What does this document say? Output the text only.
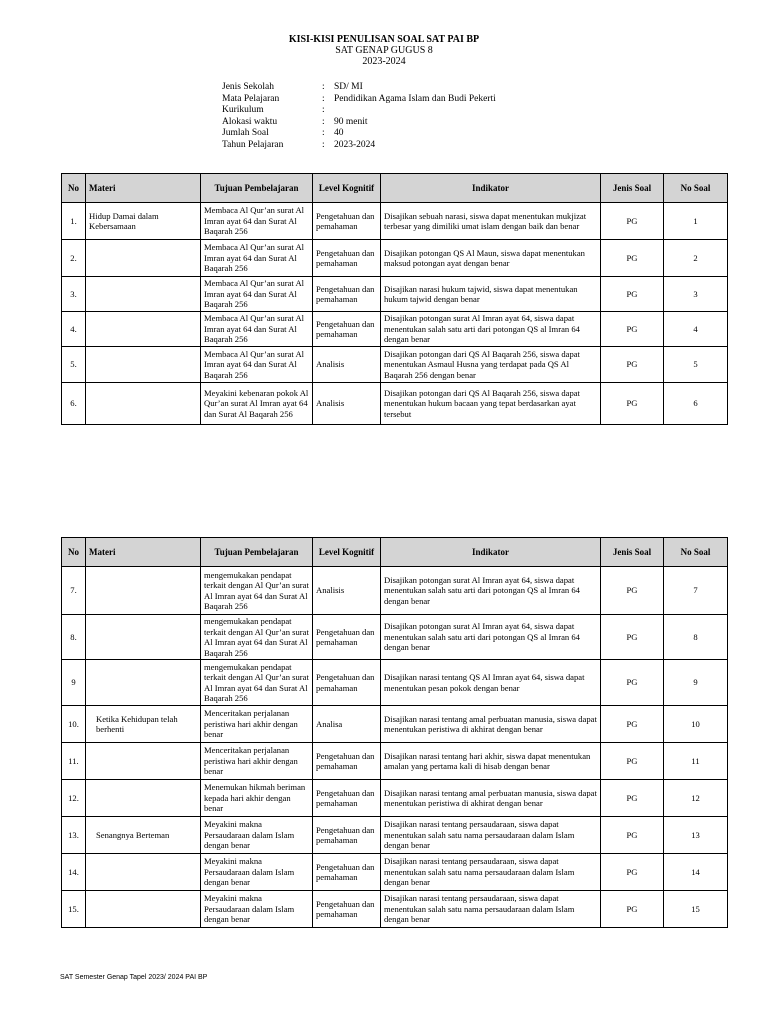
KISI-KISI PENULISAN SOAL SAT PAI BP
SAT GENAP GUGUS 8
2023-2024
Jenis Sekolah	: SD/ MI
Mata Pelajaran	: Pendidikan Agama Islam dan Budi Pekerti
Kurikulum	:
Alokasi waktu	: 90 menit
Jumlah Soal	: 40
Tahun Pelajaran	: 2023-2024
No	Materi	Tujuan Pembelajaran	Level Kognitif	Indikator	Jenis Soal	No Soal
1.	Hidup Damai dalam Kebersamaan	Membaca Al Qur’an surat Al Imran ayat 64 dan Surat Al Baqarah 256	Pengetahuan dan pemahaman	Disajikan sebuah narasi, siswa dapat menentukan mukjizat terbesar yang dimiliki umat islam dengan baik dan benar	PG	1
2.		Membaca Al Qur’an surat Al Imran ayat 64 dan Surat Al Baqarah 256	Pengetahuan dan pemahaman	Disajikan potongan QS Al Maun, siswa dapat menentukan maksud potongan ayat dengan benar	PG	2
3.		Membaca Al Qur’an surat Al Imran ayat 64 dan Surat Al Baqarah 256	Pengetahuan dan pemahaman	Disajikan narasi hukum tajwid, siswa dapat menentukan hukum tajwid dengan benar	PG	3
4.		Membaca Al Qur’an surat Al Imran ayat 64 dan Surat Al Baqarah 256	Pengetahuan dan pemahaman	Disajikan potongan surat Al Imran ayat 64, siswa dapat menentukan salah satu arti dari potongan QS al Imran 64 dengan benar	PG	4
5.		Membaca Al Qur’an surat Al Imran ayat 64 dan Surat Al Baqarah 256	Analisis	Disajikan potongan dari QS Al Baqarah 256, siswa dapat menentukan Asmaul Husna yang terdapat pada QS Al Baqarah 256 dengan benar	PG	5
6.		Meyakini kebenaran pokok Al Qur’an surat Al Imran ayat 64 dan Surat Al Baqarah 256	Analisis	Disajikan potongan dari QS Al Baqarah 256, siswa dapat menentukan hukum bacaan yang tepat berdasarkan ayat tersebut	PG	6
No	Materi	Tujuan Pembelajaran	Level Kognitif	Indikator	Jenis Soal	No Soal
7.		mengemukakan pendapat terkait dengan Al Qur’an surat Al Imran ayat 64 dan Surat Al Baqarah 256	Analisis	Disajikan potongan surat Al Imran ayat 64, siswa dapat menentukan salah satu arti dari potongan QS al Imran 64 dengan benar	PG	7
8.		mengemukakan pendapat terkait dengan Al Qur’an surat Al Imran ayat 64 dan Surat Al Baqarah 256	Pengetahuan dan pemahaman	Disajikan potongan surat Al Imran ayat 64, siswa dapat menentukan salah satu arti dari potongan QS al Imran 64 dengan benar	PG	8
9		mengemukakan pendapat terkait dengan Al Qur’an surat Al Imran ayat 64 dan Surat Al Baqarah 256	Pengetahuan dan pemahaman	Disajikan narasi tentang QS Al Imran ayat 64, siswa dapat menentukan pesan pokok dengan benar	PG	9
10.	Ketika Kehidupan telah berhenti	Menceritakan perjalanan peristiwa hari akhir dengan benar	Analisa	Disajikan narasi tentang amal perbuatan manusia, siswa dapat menentukan peristiwa di akhirat dengan benar	PG	10
11.		Menceritakan perjalanan peristiwa hari akhir dengan benar	Pengetahuan dan pemahaman	Disajikan narasi tentang hari akhir, siswa dapat menentukan amalan yang pertama kali di hisab dengan benar	PG	11
12.		Menemukan hikmah beriman kepada hari akhir dengan benar	Pengetahuan dan pemahaman	Disajikan narasi tentang amal perbuatan manusia, siswa dapat menentukan peristiwa di akhirat dengan benar	PG	12
13.	Senangnya Berteman	Meyakini makna Persaudaraan dalam Islam dengan benar	Pengetahuan dan pemahaman	Disajikan narasi tentang persaudaraan, siswa dapat menentukan salah satu nama persaudaraan dalam Islam dengan benar	PG	13
14.		Meyakini makna Persaudaraan dalam Islam dengan benar	Pengetahuan dan pemahaman	Disajikan narasi tentang persaudaraan, siswa dapat menentukan salah satu nama persaudaraan dalam Islam dengan benar	PG	14
15.		Meyakini makna Persaudaraan dalam Islam dengan benar	Pengetahuan dan pemahaman	Disajikan narasi tentang persaudaraan, siswa dapat menentukan salah satu nama persaudaraan dalam Islam dengan benar	PG	15
SAT Semester Genap Tapel 2023/ 2024 PAI BP
